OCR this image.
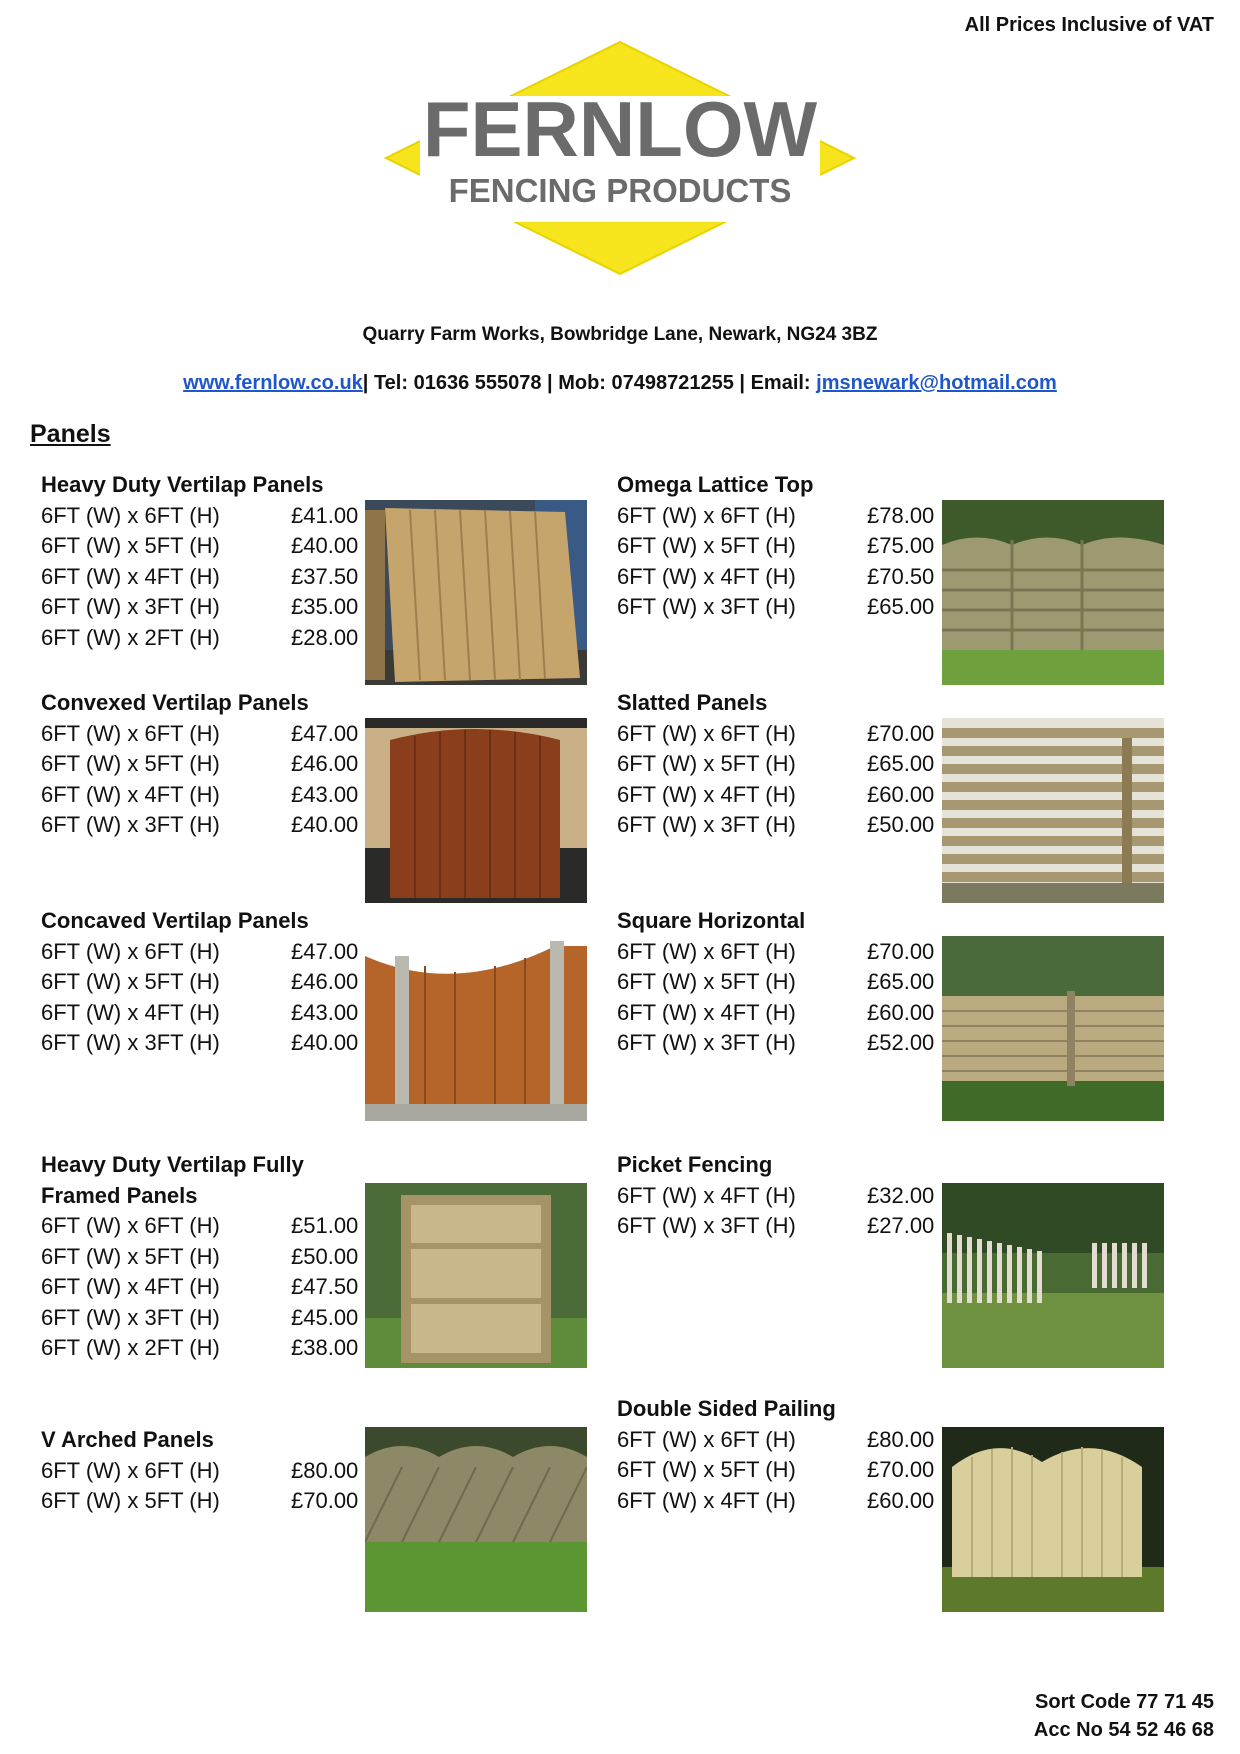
All Prices Inclusive of VAT
FERNLOW
FENCING PRODUCTS
Quarry Farm Works, Bowbridge Lane, Newark, NG24 3BZ
www.fernlow.co.uk| Tel: 01636 555078 | Mob: 07498721255 | Email: jmsnewark@hotmail.com
Panels
Heavy Duty Vertilap Panels
6FT (W) x 6FT (H)	£41.00
6FT (W) x 5FT (H)	£40.00
6FT (W) x 4FT (H)	£37.50
6FT (W) x 3FT (H)	£35.00
6FT (W) x 2FT (H)	£28.00
Omega Lattice Top
6FT (W) x 6FT (H)	£78.00
6FT (W) x 5FT (H)	£75.00
6FT (W) x 4FT (H)	£70.50
6FT (W) x 3FT (H)	£65.00
Convexed Vertilap Panels
6FT (W) x 6FT (H)	£47.00
6FT (W) x 5FT (H)	£46.00
6FT (W) x 4FT (H)	£43.00
6FT (W) x 3FT (H)	£40.00
Slatted Panels
6FT (W) x 6FT (H)	£70.00
6FT (W) x 5FT (H)	£65.00
6FT (W) x 4FT (H)	£60.00
6FT (W) x 3FT (H)	£50.00
Concaved Vertilap Panels
6FT (W) x 6FT (H)	£47.00
6FT (W) x 5FT (H)	£46.00
6FT (W) x 4FT (H)	£43.00
6FT (W) x 3FT (H)	£40.00
Square Horizontal
6FT (W) x 6FT (H)	£70.00
6FT (W) x 5FT (H)	£65.00
6FT (W) x 4FT (H)	£60.00
6FT (W) x 3FT (H)	£52.00
Heavy Duty Vertilap Fully
Framed Panels
6FT (W) x 6FT (H)	£51.00
6FT (W) x 5FT (H)	£50.00
6FT (W) x 4FT (H)	£47.50
6FT (W) x 3FT (H)	£45.00
6FT (W) x 2FT (H)	£38.00
Picket Fencing
6FT (W) x 4FT (H)	£32.00
6FT (W) x 3FT (H)	£27.00
V Arched Panels
6FT (W) x 6FT (H)	£80.00
6FT (W) x 5FT (H)	£70.00
Double Sided Pailing
6FT (W) x 6FT (H)	£80.00
6FT (W) x 5FT (H)	£70.00
6FT (W) x 4FT (H)	£60.00
Sort Code 77 71 45
Acc No 54 52 46 68
